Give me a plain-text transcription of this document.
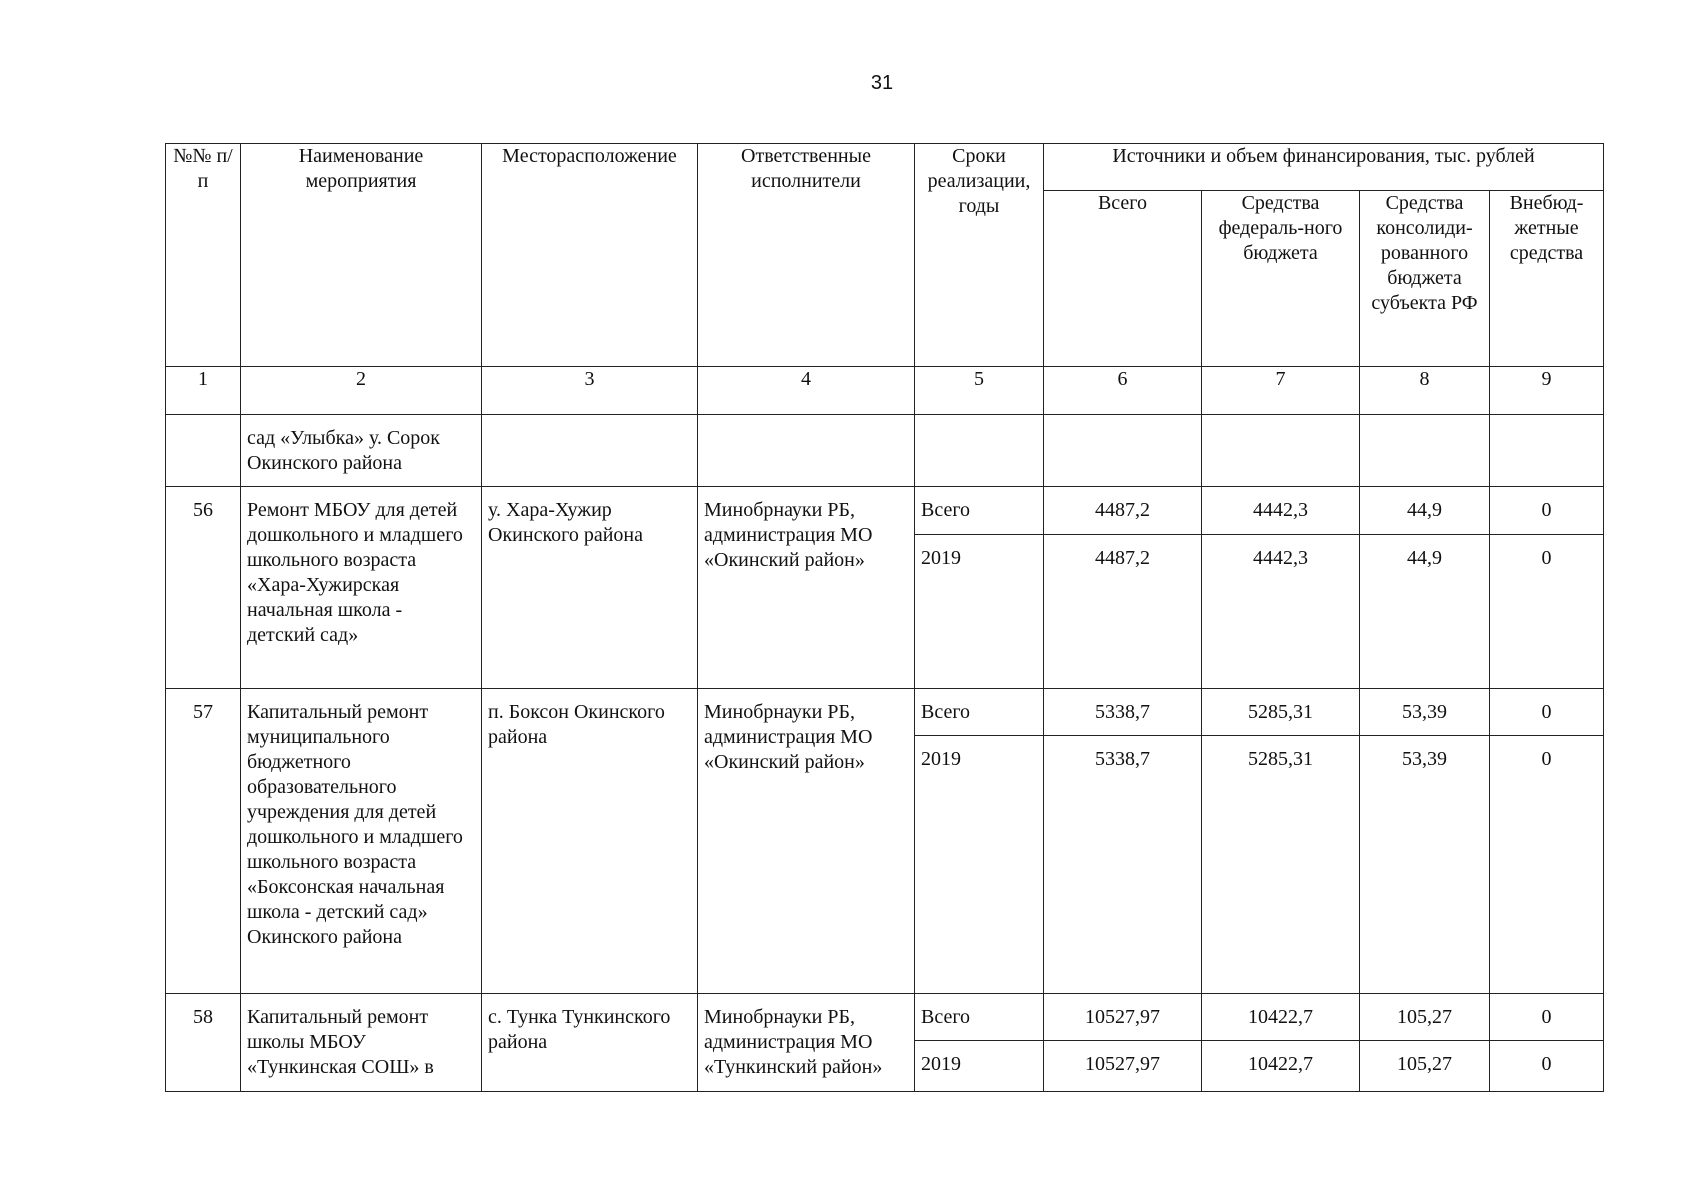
31
№№ п/п	Наименование мероприятия	Месторасположение	Ответственные исполнители	Сроки реализации, годы	Источники и объем финансирования, тыс. рублей			
					Всего	Средства федераль-ного бюджета	Средства консолиди-рованного бюджета субъекта РФ	Внебюд-жетные средства
1	2	3	4	5	6	7	8	9
	сад «Улыбка» у. Сорок Окинского района							
56	Ремонт МБОУ для детей дошкольного и младшего школьного возраста «Хара-Хужирская начальная школа - детский сад»	у. Хара-Хужир Окинского района	Минобрнауки РБ, администрация МО «Окинский район»	Всего	4487,2	4442,3	44,9	0
				2019	4487,2	4442,3	44,9	0
57	Капитальный ремонт муниципального бюджетного образовательного учреждения для детей дошкольного и младшего школьного возраста «Боксонская начальная школа - детский сад» Окинского района	п. Боксон Окинского района	Минобрнауки РБ, администрация МО «Окинский район»	Всего	5338,7	5285,31	53,39	0
				2019	5338,7	5285,31	53,39	0
58	Капитальный ремонт школы МБОУ «Тункинская СОШ» в	с. Тунка Тункинского района	Минобрнауки РБ, администрация МО «Тункинский район»	Всего	10527,97	10422,7	105,27	0
				2019	10527,97	10422,7	105,27	0
